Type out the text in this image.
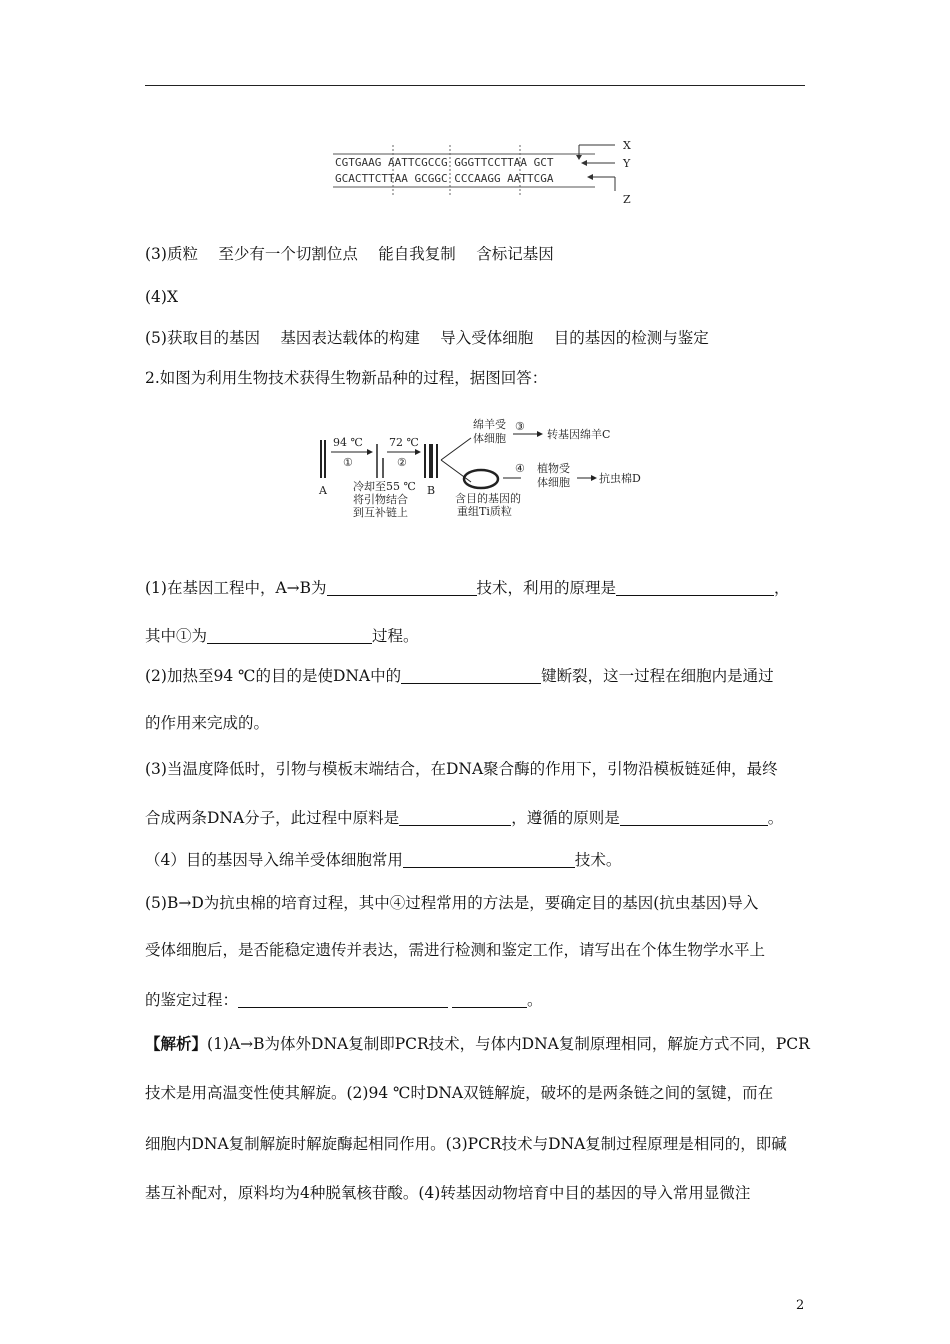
CGTGAAG AATTCGCCG GGGTTCCTTAA GCT
GCACTTCTTAA GCGGC CCCAAGG AATTCGA
X
Y
Z
(3)质粒　 至少有一个切割位点　 能自我复制　 含标记基因
(4)X
(5)获取目的基因　 基因表达载体的构建　 导入受体细胞　 目的基因的检测与鉴定
2.如图为利用生物技术获得生物新品种的过程，据图回答：
A
94 ℃
①
72 ℃
②
冷却至55 ℃
将引物结合
到互补链上
B
绵羊受
体细胞
③
转基因绵羊C
④ 植物受
体细胞	抗虫棉D
含目的基因的
重组Ti质粒
(1)在基因工程中，A→B为	技术，利用的原理是	，
其中①为	过程。
(2)加热至94 ℃的目的是使DNA中的	键断裂，这一过程在细胞内是通过
的作用来完成的。
(3)当温度降低时，引物与模板末端结合，在DNA聚合酶的作用下，引物沿模板链延伸，最终
合成两条DNA分子，此过程中原料是	，遵循的原则是	。
（4）目的基因导入绵羊受体细胞常用	技术。
(5)B→D为抗虫棉的培育过程，其中④过程常用的方法是，要确定目的基因(抗虫基因)导入
受体细胞后，是否能稳定遗传并表达，需进行检测和鉴定工作，请写出在个体生物学水平上
的鉴定过程：	。
【解析】(1)A→B为体外DNA复制即PCR技术，与体内DNA复制原理相同，解旋方式不同，PCR
技术是用高温变性使其解旋。(2)94 ℃时DNA双链解旋，破坏的是两条链之间的氢键，而在
细胞内DNA复制解旋时解旋酶起相同作用。(3)PCR技术与DNA复制过程原理是相同的，即碱
基互补配对，原料均为4种脱氧核苷酸。(4)转基因动物培育中目的基因的导入常用显微注
2
